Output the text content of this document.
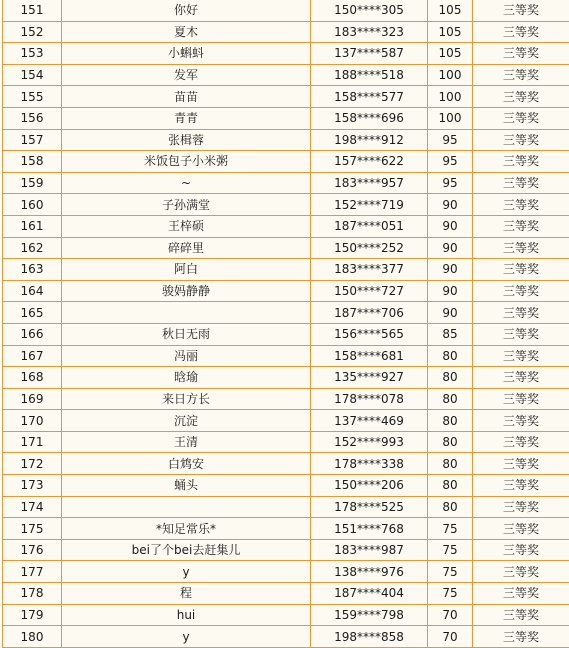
151	你好	150****305	105	三等奖
152	夏木	183****323	105	三等奖
153	小蝌蚪	137****587	105	三等奖
154	发军	188****518	100	三等奖
155	苗苗	158****577	100	三等奖
156	青青	158****696	100	三等奖
157	张楫蓉	198****912	95	三等奖
158	米饭包子小米粥	157****622	95	三等奖
159	~	183****957	95	三等奖
160	子孙满堂	152****719	90	三等奖
161	王梓硕	187****051	90	三等奖
162	碎碎里	150****252	90	三等奖
163	阿白	183****377	90	三等奖
164	骏妈静静	150****727	90	三等奖
165		187****706	90	三等奖
166	秋日无雨	156****565	85	三等奖
167	冯丽	158****681	80	三等奖
168	晗瑜	135****927	80	三等奖
169	来日方长	178****078	80	三等奖
170	沉淀	137****469	80	三等奖
171	王清	152****993	80	三等奖
172	白鸩安	178****338	80	三等奖
173	蛹头	150****206	80	三等奖
174		178****525	80	三等奖
175	*知足常乐*	151****768	75	三等奖
176	bei了个bei去赶集儿	183****987	75	三等奖
177	y	138****976	75	三等奖
178	程	187****404	75	三等奖
179	hui	159****798	70	三等奖
180	y	198****858	70	三等奖
